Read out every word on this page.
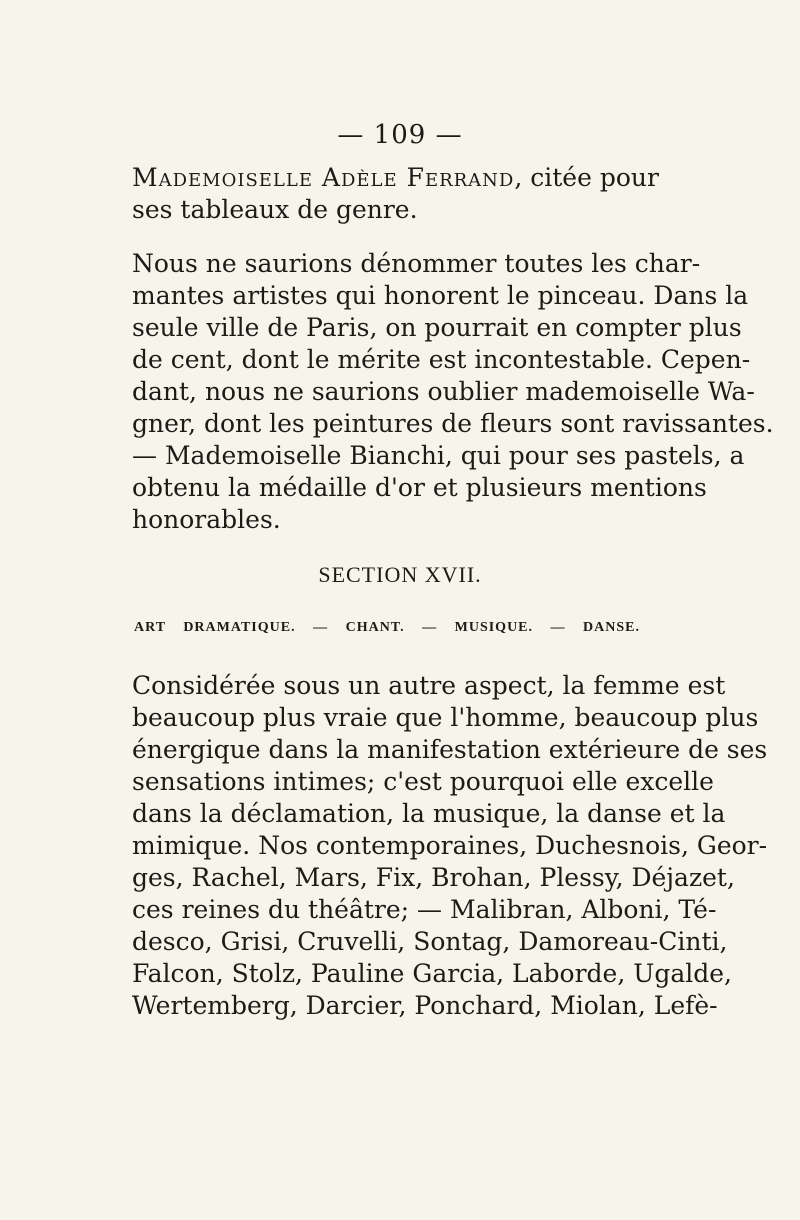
— 109 —
Mademoiselle Adèle Ferrand, citée pour
ses tableaux de genre.
Nous ne saurions dénommer toutes les char-
mantes artistes qui honorent le pinceau. Dans la
seule ville de Paris, on pourrait en compter plus
de cent, dont le mérite est incontestable. Cepen-
dant, nous ne saurions oublier mademoiselle Wa-
gner, dont les peintures de fleurs sont ravissantes.
— Mademoiselle Bianchi, qui pour ses pastels, a
obtenu la médaille d'or et plusieurs mentions
honorables.
SECTION XVII.
ART DRAMATIQUE. — CHANT. — MUSIQUE. — DANSE.
Considérée sous un autre aspect, la femme est
beaucoup plus vraie que l'homme, beaucoup plus
énergique dans la manifestation extérieure de ses
sensations intimes; c'est pourquoi elle excelle
dans la déclamation, la musique, la danse et la
mimique. Nos contemporaines, Duchesnois, Geor-
ges, Rachel, Mars, Fix, Brohan, Plessy, Déjazet,
ces reines du théâtre; — Malibran, Alboni, Té-
desco, Grisi, Cruvelli, Sontag, Damoreau-Cinti,
Falcon, Stolz, Pauline Garcia, Laborde, Ugalde,
Wertemberg, Darcier, Ponchard, Miolan, Lefè-
